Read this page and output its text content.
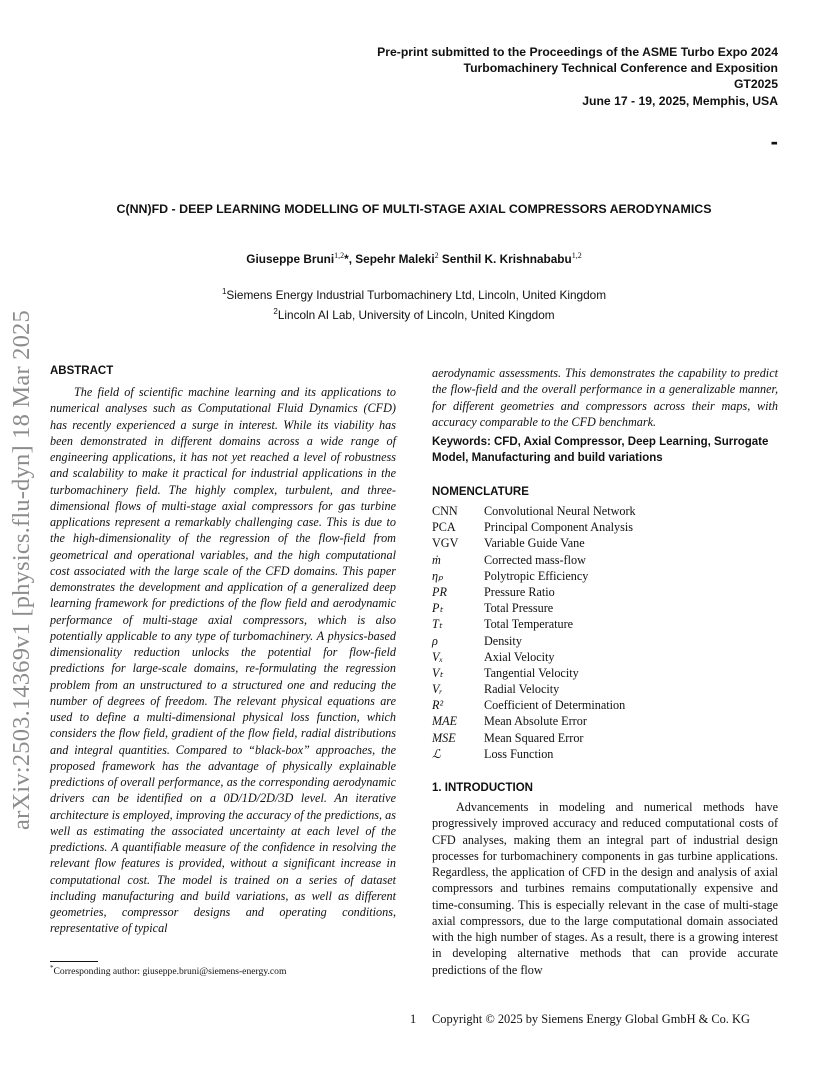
arXiv:2503.14369v1 [physics.flu-dyn] 18 Mar 2025
Pre-print submitted to the Proceedings of the ASME Turbo Expo 2024
Turbomachinery Technical Conference and Exposition
GT2025
June 17 - 19, 2025, Memphis, USA
-
C(NN)FD - DEEP LEARNING MODELLING OF MULTI-STAGE AXIAL COMPRESSORS AERODYNAMICS
Giuseppe Bruni$^{1,2}$*, Sepehr Maleki$^2$ Senthil K. Krishnababu$^{1,2}$
$^1$Siemens Energy Industrial Turbomachinery Ltd, Lincoln, United Kingdom
$^2$Lincoln AI Lab, University of Lincoln, United Kingdom
ABSTRACT
The field of scientific machine learning and its applications to numerical analyses such as Computational Fluid Dynamics (CFD) has recently experienced a surge in interest. While its viability has been demonstrated in different domains across a wide range of engineering applications, it has not yet reached a level of robustness and scalability to make it practical for industrial applications in the turbomachinery field. The highly complex, turbulent, and three-dimensional flows of multi-stage axial compressors for gas turbine applications represent a remarkably challenging case. This is due to the high-dimensionality of the regression of the flow-field from geometrical and operational variables, and the high computational cost associated with the large scale of the CFD domains. This paper demonstrates the development and application of a generalized deep learning framework for predictions of the flow field and aerodynamic performance of multi-stage axial compressors, which is also potentially applicable to any type of turbomachinery. A physics-based dimensionality reduction unlocks the potential for flow-field predictions for large-scale domains, re-formulating the regression problem from an unstructured to a structured one and reducing the number of degrees of freedom. The relevant physical equations are used to define a multi-dimensional physical loss function, which considers the flow field, gradient of the flow field, radial distributions and integral quantities. Compared to “black-box” approaches, the proposed framework has the advantage of physically explainable predictions of overall performance, as the corresponding aerodynamic drivers can be identified on a 0D/1D/2D/3D level. An iterative architecture is employed, improving the accuracy of the predictions, as well as estimating the associated uncertainty at each level of the predictions. A quantifiable measure of the confidence in resolving the relevant flow features is provided, without a significant increase in computational cost. The model is trained on a series of dataset including manufacturing and build variations, as well as different geometries, compressor designs and operating conditions, representative of typical
*Corresponding author: giuseppe.bruni@siemens-energy.com
aerodynamic assessments. This demonstrates the capability to predict the flow-field and the overall performance in a generalizable manner, for different geometries and compressors across their maps, with accuracy comparable to the CFD benchmark.
Keywords: CFD, Axial Compressor, Deep Learning, Surrogate Model, Manufacturing and build variations
NOMENCLATURE
CNN	Convolutional Neural Network
PCA	Principal Component Analysis
VGV	Variable Guide Vane
ṁ	Corrected mass-flow
ηₚ	Polytropic Efficiency
PR	Pressure Ratio
Pₜ	Total Pressure
Tₜ	Total Temperature
ρ	Density
Vₓ	Axial Velocity
Vₜ	Tangential Velocity
Vᵣ	Radial Velocity
R²	Coefficient of Determination
MAE	Mean Absolute Error
MSE	Mean Squared Error
ℒ	Loss Function
1. INTRODUCTION
Advancements in modeling and numerical methods have progressively improved accuracy and reduced computational costs of CFD analyses, making them an integral part of industrial design processes for turbomachinery components in gas turbine applications. Regardless, the application of CFD in the design and analysis of axial compressors and turbines remains computationally expensive and time-consuming. This is especially relevant in the case of multi-stage axial compressors, due to the large computational domain associated with the high number of stages. As a result, there is a growing interest in developing alternative methods that can provide accurate predictions of the flow
1 Copyright © 2025 by Siemens Energy Global GmbH & Co. KG
